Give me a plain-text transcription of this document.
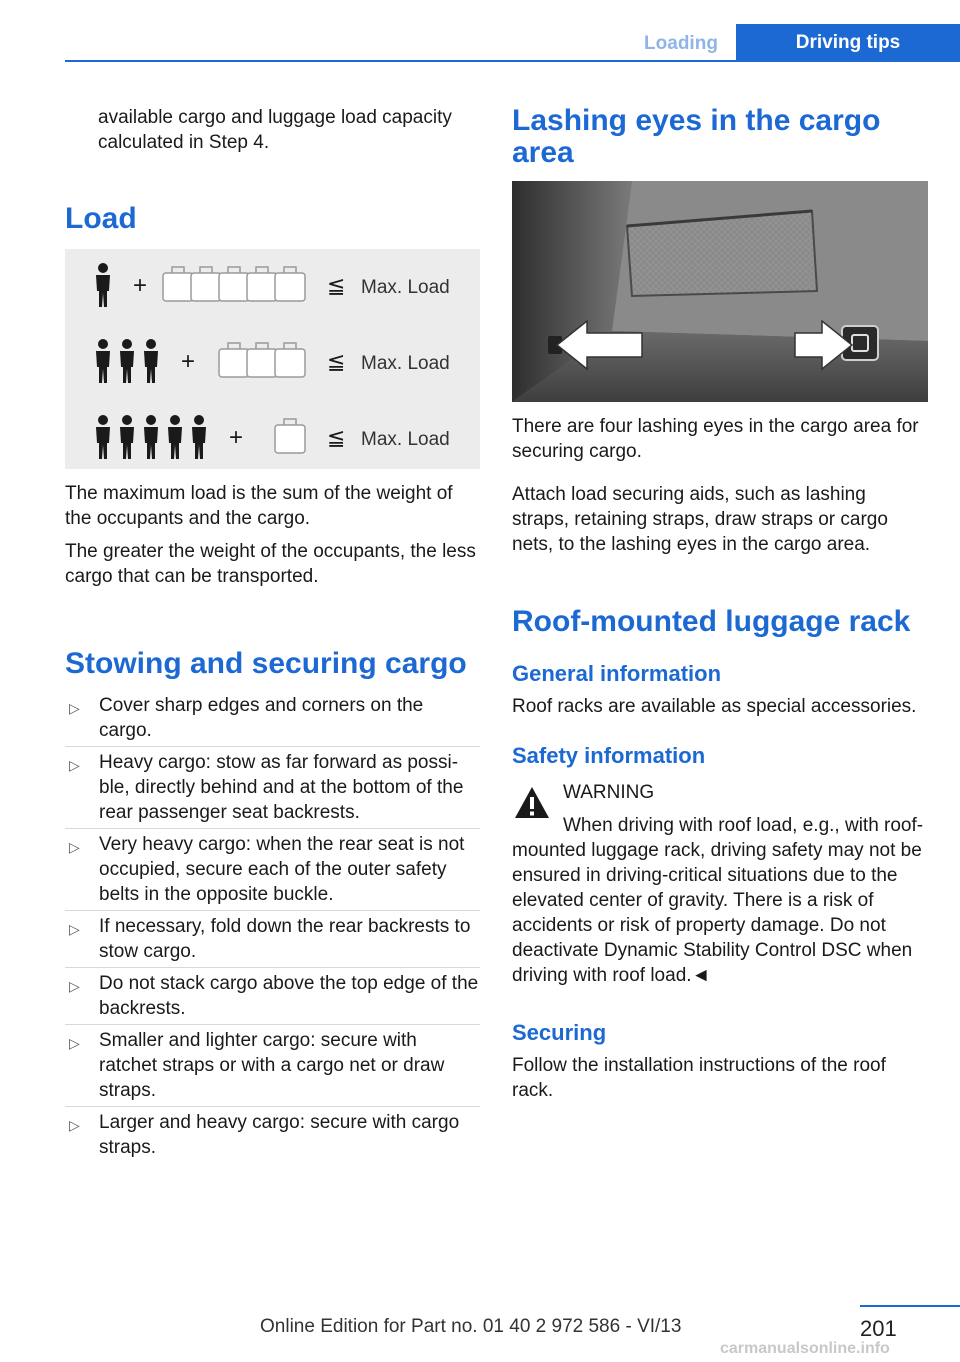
Loading	Driving tips

available cargo and luggage load capacity calculated in Step 4.

Load
+	≦ Max. Load
+	≦ Max. Load
+	≦ Max. Load

The maximum load is the sum of the weight of the occupants and the cargo.

The greater the weight of the occupants, the less cargo that can be transported.

Stowing and securing cargo
▷ Cover sharp edges and corners on the cargo.
▷ Heavy cargo: stow as far forward as possible, directly behind and at the bottom of the rear passenger seat backrests.
▷ Very heavy cargo: when the rear seat is not occupied, secure each of the outer safety belts in the opposite buckle.
▷ If necessary, fold down the rear backrests to stow cargo.
▷ Do not stack cargo above the top edge of the backrests.
▷ Smaller and lighter cargo: secure with ratchet straps or with a cargo net or draw straps.
▷ Larger and heavy cargo: secure with cargo straps.
Lashing eyes in the cargo area

There are four lashing eyes in the cargo area for securing cargo.

Attach load securing aids, such as lashing straps, retaining straps, draw straps or cargo nets, to the lashing eyes in the cargo area.

Roof-mounted luggage rack
General information

Roof racks are available as special accessories.

Safety information

WARNING

When driving with roof load, e.g., with roof-mounted luggage rack, driving safety may not be ensured in driving-critical situations due to the elevated center of gravity. There is a risk of accidents or risk of property damage. Do not deactivate Dynamic Stability Control DSC when driving with roof load.◄
Securing

Follow the installation instructions of the roof rack.

201
Online Edition for Part no. 01 40 2 972 586 - VI/13
carmanualsonline.info
